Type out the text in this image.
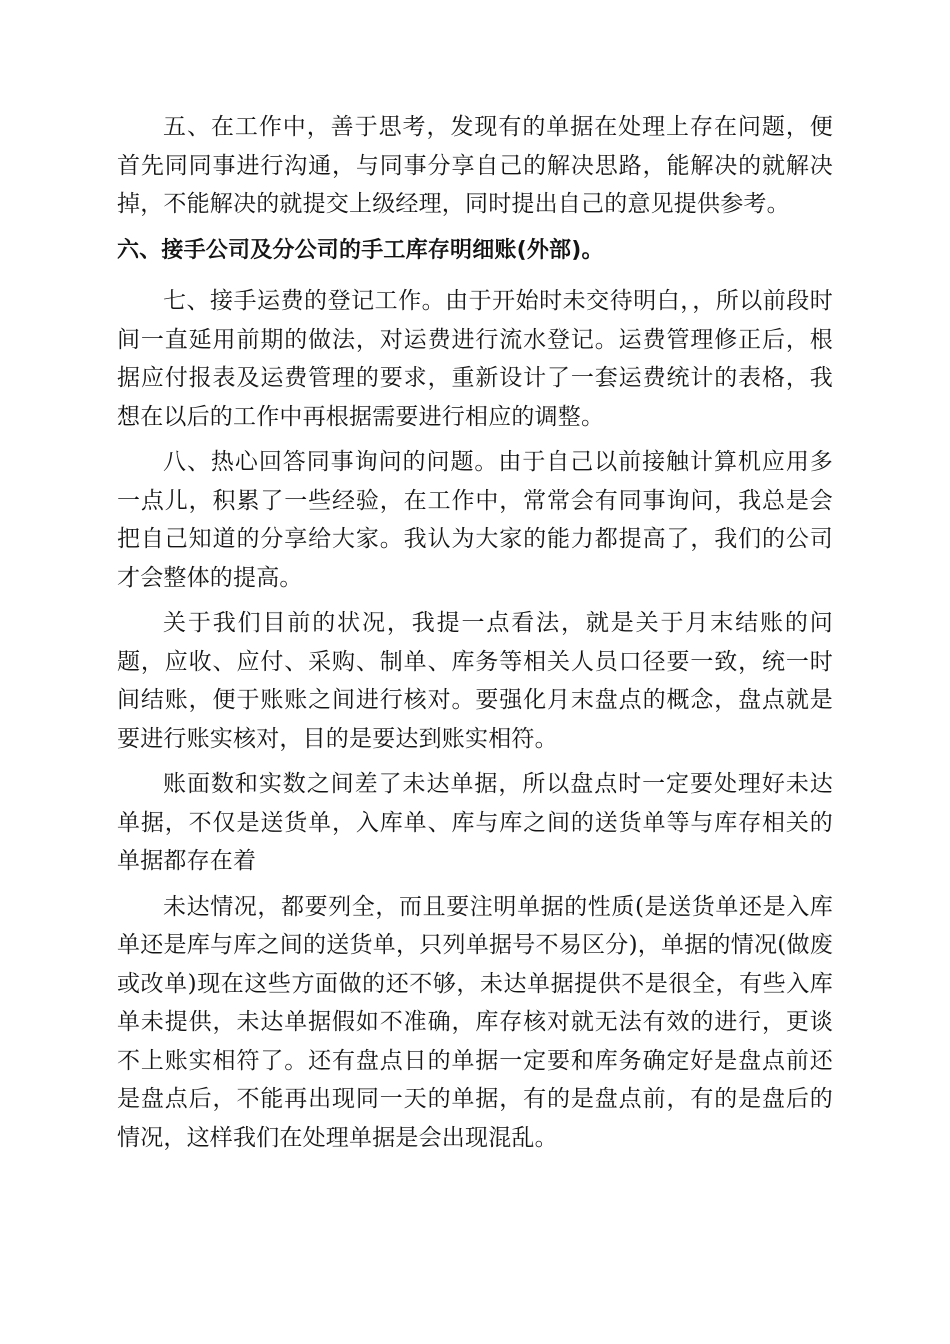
五、在工作中，善于思考，发现有的单据在处理上存在问题，便首先同同事进行沟通，与同事分享自己的解决思路，能解决的就解决掉，不能解决的就提交上级经理，同时提出自己的意见提供参考。

六、接手公司及分公司的手工库存明细账(外部)。

七、接手运费的登记工作。由于开始时未交待明白，，所以前段时间一直延用前期的做法，对运费进行流水登记。运费管理修正后，根据应付报表及运费管理的要求，重新设计了一套运费统计的表格，我想在以后的工作中再根据需要进行相应的调整。

八、热心回答同事询问的问题。由于自己以前接触计算机应用多一点儿，积累了一些经验，在工作中，常常会有同事询问，我总是会把自己知道的分享给大家。我认为大家的能力都提高了，我们的公司才会整体的提高。

关于我们目前的状况，我提一点看法，就是关于月末结账的问题，应收、应付、采购、制单、库务等相关人员口径要一致，统一时间结账，便于账账之间进行核对。要强化月末盘点的概念，盘点就是要进行账实核对，目的是要达到账实相符。

账面数和实数之间差了未达单据，所以盘点时一定要处理好未达单据，不仅是送货单，入库单、库与库之间的送货单等与库存相关的单据都存在着

未达情况，都要列全，而且要注明单据的性质(是送货单还是入库单还是库与库之间的送货单，只列单据号不易区分)，单据的情况(做废或改单)现在这些方面做的还不够，未达单据提供不是很全，有些入库单未提供，未达单据假如不准确，库存核对就无法有效的进行，更谈不上账实相符了。还有盘点日的单据一定要和库务确定好是盘点前还是盘点后，不能再出现同一天的单据，有的是盘点前，有的是盘后的情况，这样我们在处理单据是会出现混乱。
